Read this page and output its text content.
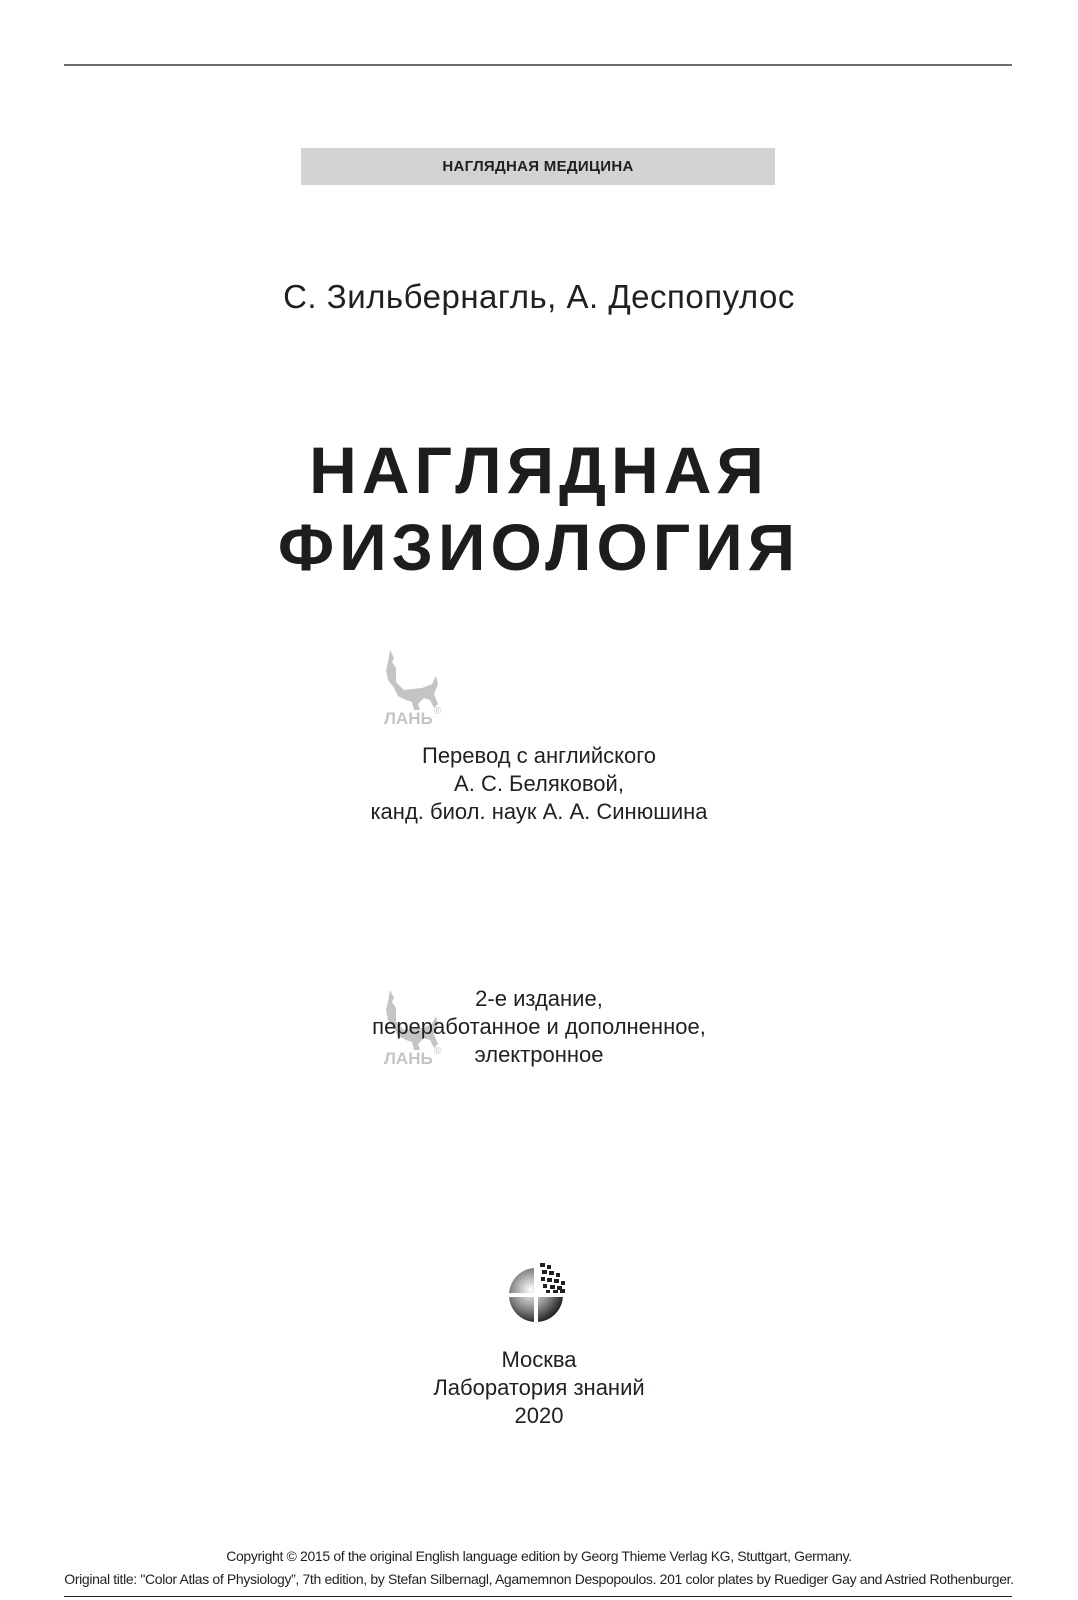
НАГЛЯДНАЯ МЕДИЦИНА
С. Зильбернагль, А. Деспопулос
НАГЛЯДНАЯ
ФИЗИОЛОГИЯ
ЛАНЬ ®
Перевод с английского
А. С. Беляковой,
канд. биол. наук А. А. Синюшина
ЛАНЬ ®
2-е издание,
переработанное и дополненное,
электронное
Москва
Лаборатория знаний
2020
Copyright © 2015 of the original English language edition by Georg Thieme Verlag KG, Stuttgart, Germany.
Original title: "Color Atlas of Physiology”, 7th edition, by Stefan Silbernagl, Agamemnon Despopoulos. 201 color plates by Ruediger Gay and Astried Rothenburger.
